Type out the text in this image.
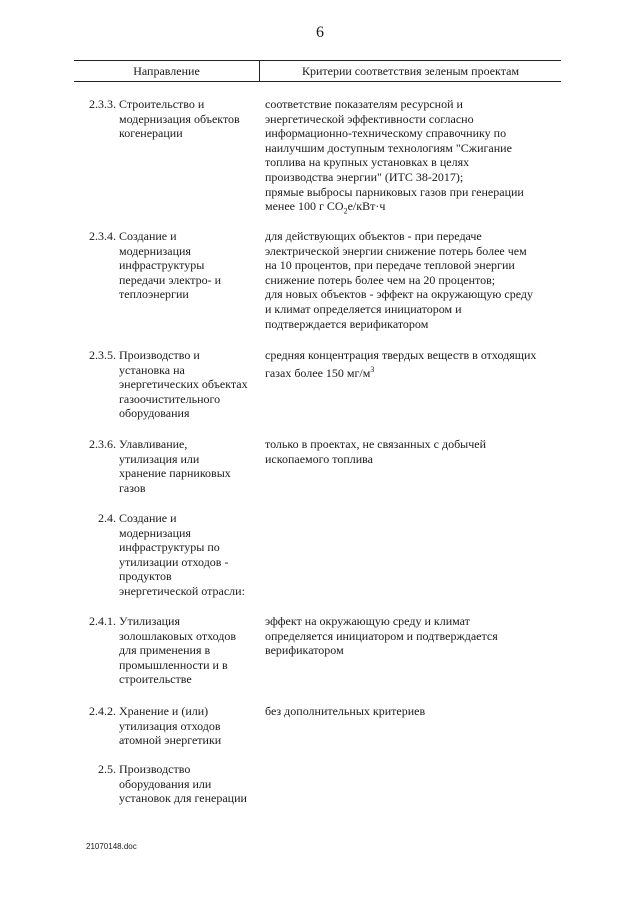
6
Направление	Критерии соответствия зеленым проектам
2.3.3. Строительство и
модернизация объектов
когенерации
соответствие показателям ресурсной и
энергетической эффективности согласно
информационно-техническому справочнику по
наилучшим доступным технологиям "Сжигание
топлива на крупных установках в целях
производства энергии" (ИТС 38-2017);
прямые выбросы парниковых газов при генерации
менее 100 г $CO_2e/кВт\cdot ч$
2.3.4. Создание и
модернизация
инфраструктуры
передачи электро- и
теплоэнергии
для действующих объектов - при передаче
электрической энергии снижение потерь более чем
на 10 процентов, при передаче тепловой энергии
снижение потерь более чем на 20 процентов;
для новых объектов - эффект на окружающую среду
и климат определяется инициатором и
подтверждается верификатором
2.3.5. Производство и
установка на
энергетических объектах
газоочистительного
оборудования
средняя концентрация твердых веществ в отходящих
газах более 150 $мг/м^3$
2.3.6. Улавливание,
утилизация или
хранение парниковых
газов
только в проектах, не связанных с добычей
ископаемого топлива
2.4. Создание и
модернизация
инфраструктуры по
утилизации отходов -
продуктов
энергетической отрасли:
2.4.1. Утилизация
золошлаковых отходов
для применения в
промышленности и в
строительстве
эффект на окружающую среду и климат
определяется инициатором и подтверждается
верификатором
2.4.2. Хранение и (или)
утилизация отходов
атомной энергетики
без дополнительных критериев
2.5. Производство
оборудования или
установок для генерации
21070148.doc
